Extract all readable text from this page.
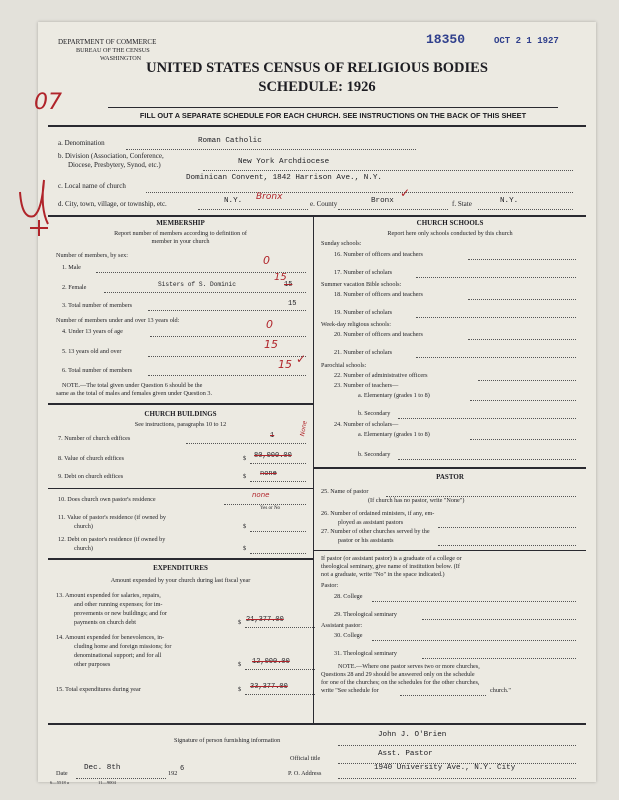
DEPARTMENT OF COMMERCE
BUREAU OF THE CENSUS
WASHINGTON
18350	OCT 2 1 1927
UNITED STATES CENSUS OF RELIGIOUS BODIES
SCHEDULE: 1926
07
FILL OUT A SEPARATE SCHEDULE FOR EACH CHURCH. SEE INSTRUCTIONS ON THE BACK OF THIS SHEET
a. Denomination	Roman Catholic
b. Division (Association, Conference,
Diocese, Presbytery, Synod, etc.)	New York Archdiocese
Dominican Convent, 1842 Harrison Ave., N.Y.
c. Local name of church
d. City, town, village, or township, etc.	N.Y. Bronx
e. County	Bronx
✓
f. State	N.Y.
MEMBERSHIP
Report number of members according to definition of
member in your church
Number of members, by sex:
1. Male
0
2. Female	Sisters of S. Dominic	15
15
3. Total number of members	15
Number of members under and over 13 years old:
4. Under 13 years of age
0
5. 13 years old and over
15
6. Total number of members	15 ✓
NOTE.—The total given under Question 6 should be the
same as the total of males and females given under Question 3.
CHURCH BUILDINGS
See instructions, paragraphs 10 to 12
7. Number of church edifices	1	None
8. Value of church edifices	$ 80,000.00
9. Debt on church edifices	$ none
10. Does church own pastor's residence
none
Yes or No
11. Value of pastor's residence (if owned by
church)	$
12. Debt on pastor's residence (if owned by
church)	$
EXPENDITURES
Amount expended by your church during last fiscal year
13. Amount expended for salaries, repairs,
and other running expenses; for im-
provements or new buildings; and for
payments on church debt	$ 21,377.00
14. Amount expended for benevolences, in-
cluding home and foreign missions; for
denominational support; and for all
other purposes	$ 12,000.00
15. Total expenditures during year	$ 33,377.00
CHURCH SCHOOLS
Report here only schools conducted by this church
Sunday schools:
16. Number of officers and teachers
17. Number of scholars
Summer vacation Bible schools:
18. Number of officers and teachers
19. Number of scholars
Week-day religious schools:
20. Number of officers and teachers
21. Number of scholars
Parochial schools:
22. Number of administrative officers
23. Number of teachers—
a. Elementary (grades 1 to 8)
b. Secondary
24. Number of scholars—
a. Elementary (grades 1 to 8)
b. Secondary
PASTOR
25. Name of pastor
(If church has no pastor, write "None")
26. Number of ordained ministers, if any, em-
ployed as assistant pastors
27. Number of other churches served by the
pastor or his assistants
If pastor (or assistant pastor) is a graduate of a college or
theological seminary, give name of institution below. (If
not a graduate, write "No" in the space indicated.)
Pastor:
28. College
29. Theological seminary
Assistant pastor:
30. College
31. Theological seminary
NOTE.—Where one pastor serves two or more churches,
Questions 28 and 29 should be answered only on the schedule
for one of the churches; on the schedules for the other churches,
write "See schedule for	church."
Signature of person furnishing information
John J. O'Brien
Official title
Asst. Pastor
Date
Dec. 8th
192
6
P. O. Address
1940 University Ave., N.Y. City
6—5518 a	11—9004
